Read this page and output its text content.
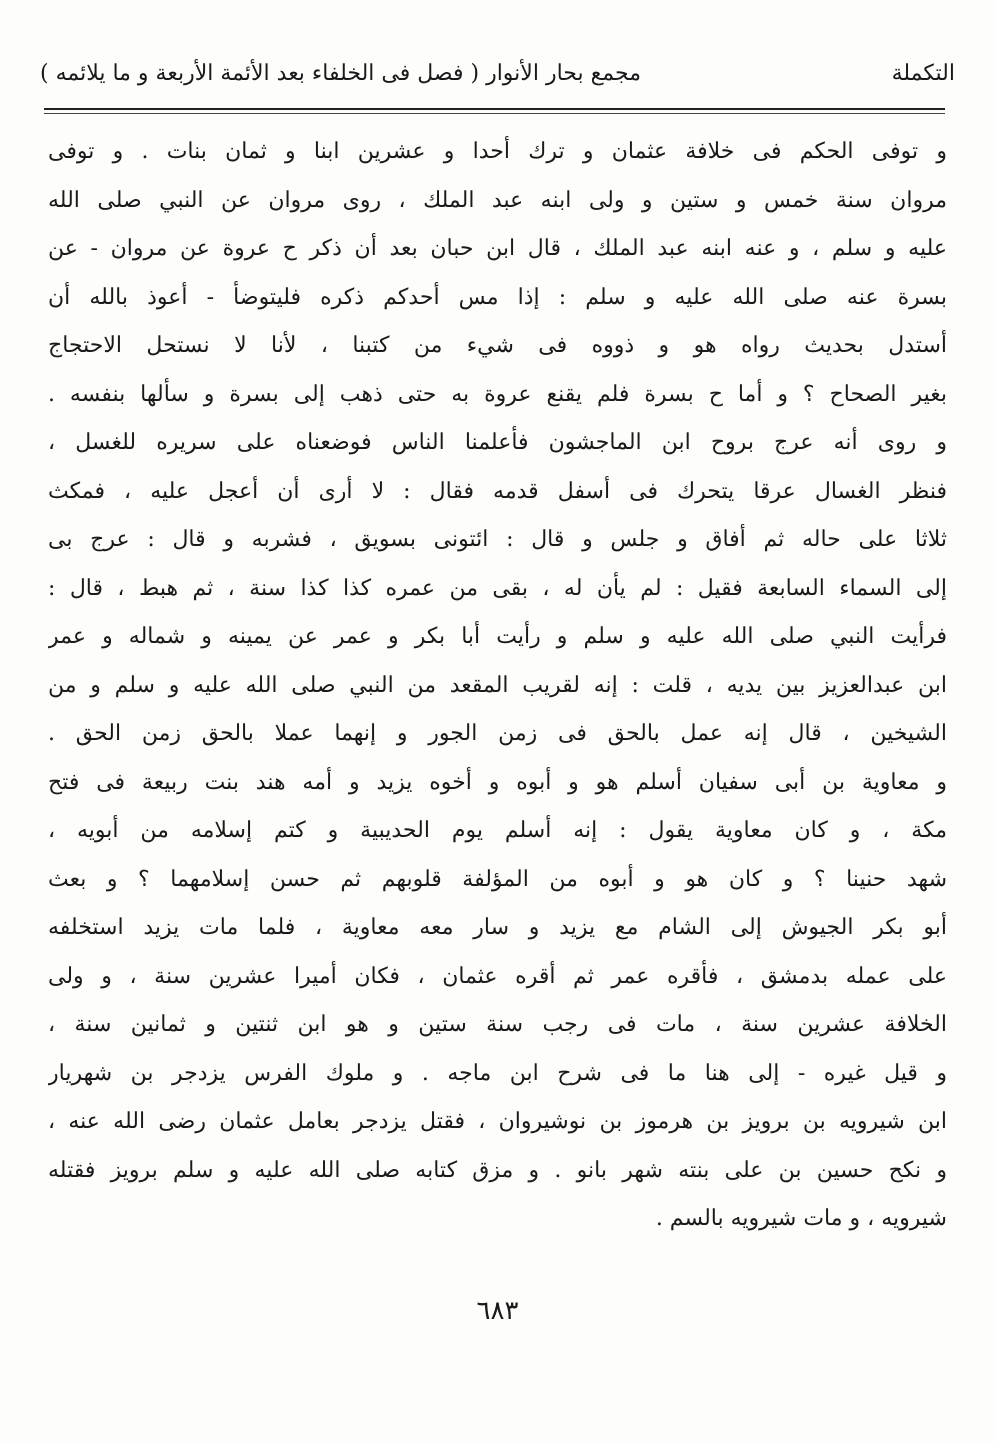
التكملة
مجمع بحار الأنوار ( فصل فى الخلفاء بعد الأئمة الأربعة و ما يلائمه )
و توفى الحكم فى خلافة عثمان و ترك أحدا و عشرين ابنا و ثمان بنات . و توفى
مروان سنة خمس و ستين و ولى ابنه عبد الملك ، روى مروان عن النبي صلى الله
عليه و سلم ، و عنه ابنه عبد الملك ، قال ابن حبان بعد أن ذكر ح عروة عن مروان - عن
بسرة عنه صلى الله عليه و سلم : إذا مس أحدكم ذكره فليتوضأ - أعوذ بالله أن
أستدل بحديث رواه هو و ذووه فى شيء من كتبنا ، لأنا لا نستحل الاحتجاج
بغير الصحاح ؟ و أما ح بسرة فلم يقنع عروة به حتى ذهب إلى بسرة و سألها بنفسه .
و روى أنه عرج بروح ابن الماجشون فأعلمنا الناس فوضعناه على سريره للغسل ،
فنظر الغسال عرقا يتحرك فى أسفل قدمه فقال : لا أرى أن أعجل عليه ، فمكث
ثلاثا على حاله ثم أفاق و جلس و قال : ائتونى بسويق ، فشربه و قال : عرج بى
إلى السماء السابعة فقيل : لم يأن له ، بقى من عمره كذا كذا سنة ، ثم هبط ، قال :
فرأيت النبي صلى الله عليه و سلم و رأيت أبا بكر و عمر عن يمينه و شماله و عمر
ابن عبدالعزيز بين يديه ، قلت : إنه لقريب المقعد من النبي صلى الله عليه و سلم و من
الشيخين ، قال إنه عمل بالحق فى زمن الجور و إنهما عملا بالحق زمن الحق .
و معاوية بن أبى سفيان أسلم هو و أبوه و أخوه يزيد و أمه هند بنت ربيعة فى فتح
مكة ، و كان معاوية يقول : إنه أسلم يوم الحديبية و كتم إسلامه من أبويه ،
شهد حنينا ؟ و كان هو و أبوه من المؤلفة قلوبهم ثم حسن إسلامهما ؟ و بعث
أبو بكر الجيوش إلى الشام مع يزيد و سار معه معاوية ، فلما مات يزيد استخلفه
على عمله بدمشق ، فأقره عمر ثم أقره عثمان ، فكان أميرا عشرين سنة ، و ولى
الخلافة عشرين سنة ، مات فى رجب سنة ستين و هو ابن ثنتين و ثمانين سنة ،
و قيل غيره - إلى هنا ما فى شرح ابن ماجه . و ملوك الفرس يزدجر بن شهريار
ابن شيرويه بن برويز بن هرموز بن نوشيروان ، فقتل يزدجر بعامل عثمان رضى الله عنه ،
و نكح حسين بن على بنته شهر بانو . و مزق كتابه صلى الله عليه و سلم برويز فقتله
شيرويه ، و مات شيرويه بالسم .
٦٨٣
